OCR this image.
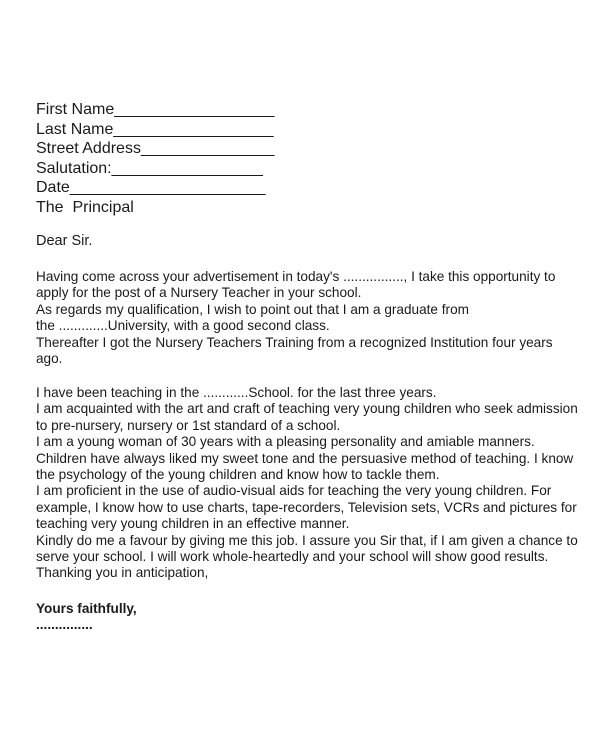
First Name__________________

Last Name__________________

Street Address_______________

Salutation:_________________

Date______________________

The  Principal

Dear Sir.

Having come across your advertisement in today's ................, I take this opportunity to
apply for the post of a Nursery Teacher in your school.
As regards my qualification, I wish to point out that I am a graduate from
the .............University, with a good second class.
Thereafter I got the Nursery Teachers Training from a recognized Institution four years
ago.
I have been teaching in the ............School. for the last three years.
I am acquainted with the art and craft of teaching very young children who seek admission
to pre-nursery, nursery or 1st standard of a school.
I am a young woman of 30 years with a pleasing personality and amiable manners.
Children have always liked my sweet tone and the persuasive method of teaching. I know
the psychology of the young children and know how to tackle them.
I am proficient in the use of audio-visual aids for teaching the very young children. For
example, I know how to use charts, tape-recorders, Television sets, VCRs and pictures for
teaching very young children in an effective manner.
Kindly do me a favour by giving me this job. I assure you Sir that, if I am given a chance to
serve your school. I will work whole-heartedly and your school will show good results.
Thanking you in anticipation,

Yours faithfully,

...............
